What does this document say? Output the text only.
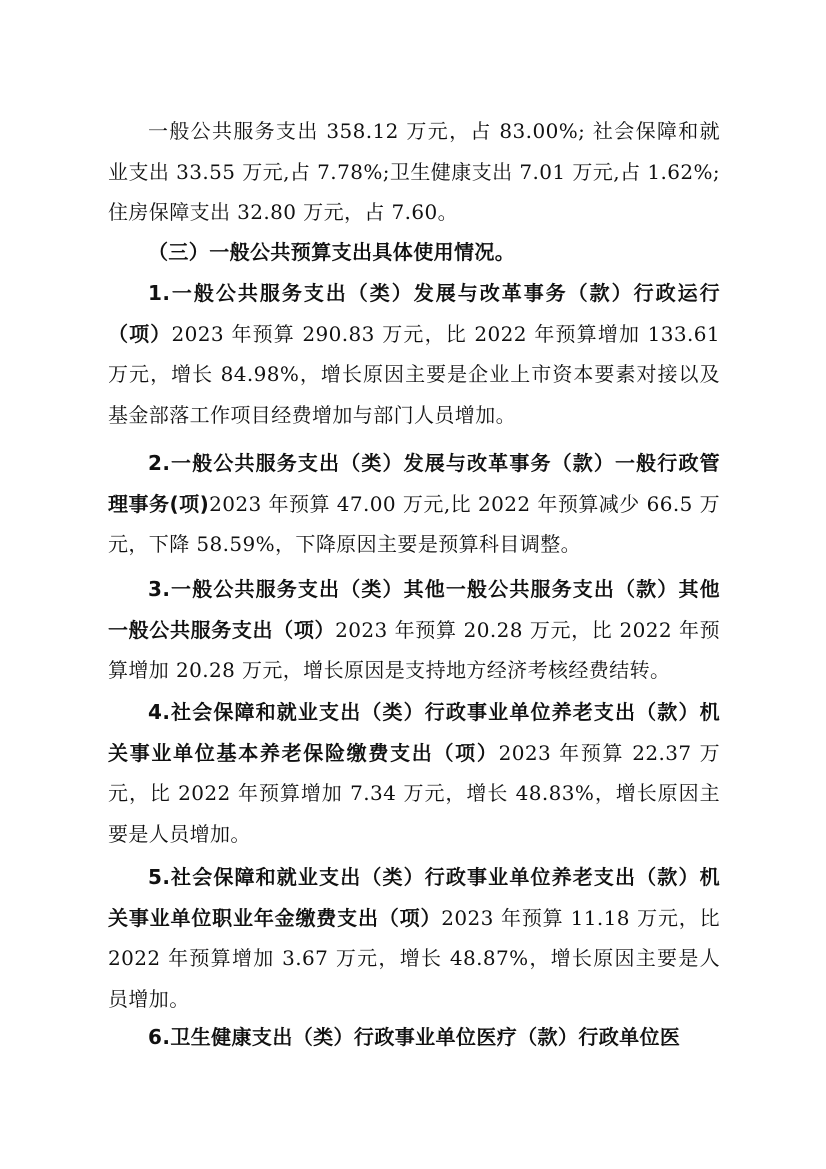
一般公共服务支出 358.12 万元，占 83.00%; 社会保障和就业支出 33.55 万元,占 7.78%;卫生健康支出 7.01 万元,占 1.62%;住房保障支出 32.80 万元，占 7.60。

（三）一般公共预算支出具体使用情况。

1.一般公共服务支出（类）发展与改革事务（款）行政运行（项）2023 年预算 290.83 万元，比 2022 年预算增加 133.61 万元，增长 84.98%，增长原因主要是企业上市资本要素对接以及基金部落工作项目经费增加与部门人员增加。

2.一般公共服务支出（类）发展与改革事务（款）一般行政管理事务(项)2023 年预算 47.00 万元,比 2022 年预算减少 66.5 万元，下降 58.59%，下降原因主要是预算科目调整。

3.一般公共服务支出（类）其他一般公共服务支出（款）其他一般公共服务支出（项）2023 年预算 20.28 万元，比 2022 年预算增加 20.28 万元，增长原因是支持地方经济考核经费结转。

4.社会保障和就业支出（类）行政事业单位养老支出（款）机关事业单位基本养老保险缴费支出（项）2023 年预算 22.37 万元，比 2022 年预算增加 7.34 万元，增长 48.83%，增长原因主要是人员增加。

5.社会保障和就业支出（类）行政事业单位养老支出（款）机关事业单位职业年金缴费支出（项）2023 年预算 11.18 万元，比 2022 年预算增加 3.67 万元，增长 48.87%，增长原因主要是人员增加。

6.卫生健康支出（类）行政事业单位医疗（款）行政单位医
